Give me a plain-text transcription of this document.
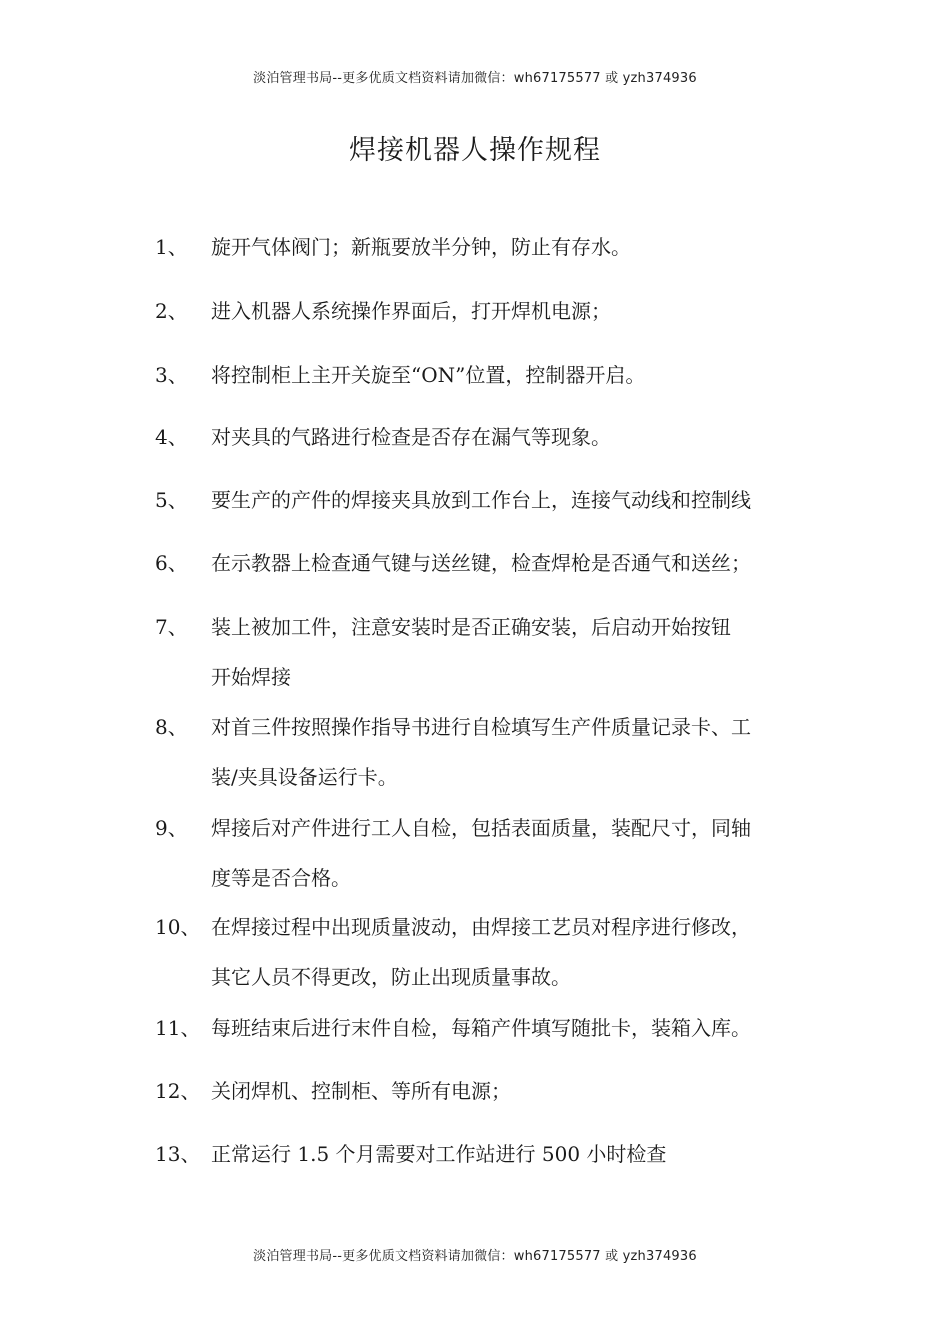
淡泊管理书局--更多优质文档资料请加微信：wh67175577 或 yzh374936
焊接机器人操作规程
1、 旋开气体阀门；新瓶要放半分钟，防止有存水。
2、 进入机器人系统操作界面后，打开焊机电源；
3、 将控制柜上主开关旋至“ON”位置，控制器开启。
4、 对夹具的气路进行检查是否存在漏气等现象。
5、 要生产的产件的焊接夹具放到工作台上，连接气动线和控制线
6、 在示教器上检查通气键与送丝键，检查焊枪是否通气和送丝；
7、 装上被加工件，注意安装时是否正确安装，后启动开始按钮
开始焊接
8、 对首三件按照操作指导书进行自检填写生产件质量记录卡、工
装/夹具设备运行卡。
9、 焊接后对产件进行工人自检，包括表面质量，装配尺寸，同轴
度等是否合格。
10、 在焊接过程中出现质量波动，由焊接工艺员对程序进行修改，
其它人员不得更改，防止出现质量事故。
11、 每班结束后进行末件自检，每箱产件填写随批卡，装箱入库。
12、 关闭焊机、控制柜、等所有电源；
13、 正常运行 1.5 个月需要对工作站进行 500 小时检查
淡泊管理书局--更多优质文档资料请加微信：wh67175577 或 yzh374936
